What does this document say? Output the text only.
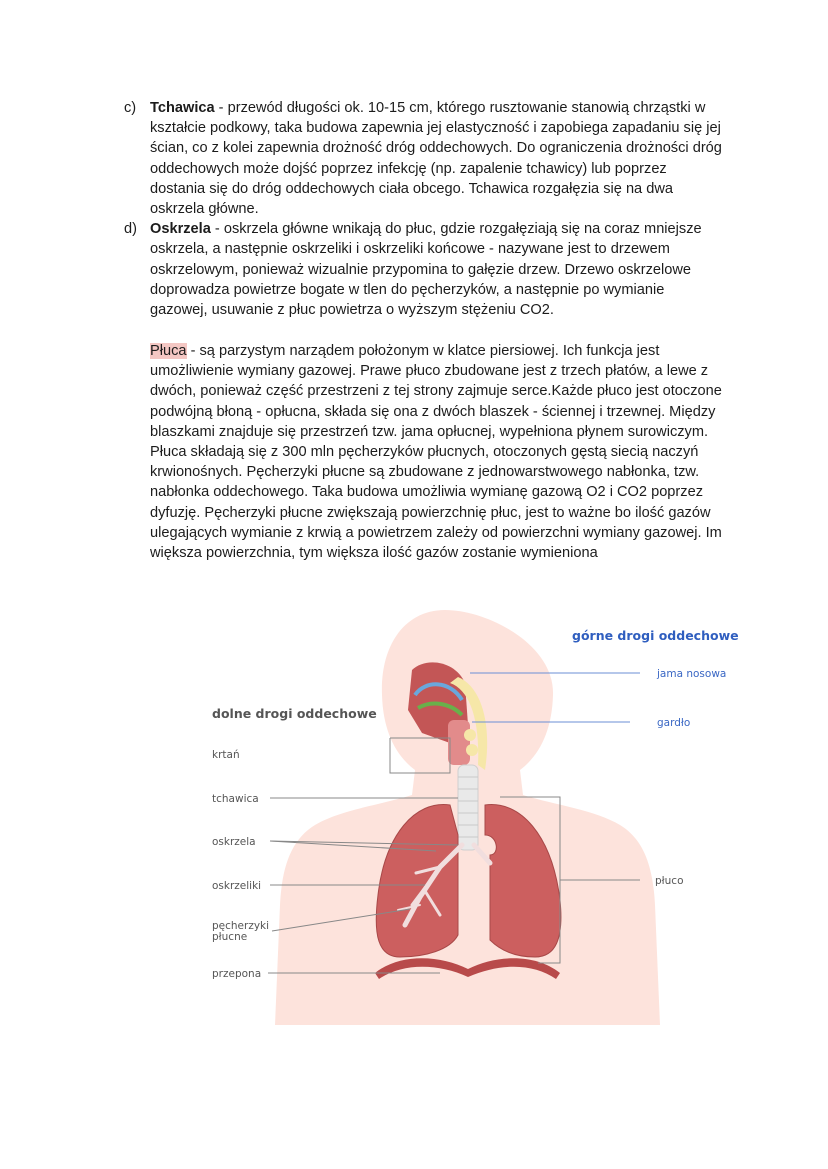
c) Tchawica - przewód długości ok. 10-15 cm, którego rusztowanie stanowią chrząstki w kształcie podkowy, taka budowa zapewnia jej elastyczność i zapobiega zapadaniu się jej ścian, co z kolei zapewnia drożność dróg oddechowych. Do ograniczenia drożności dróg oddechowych może dojść poprzez infekcję (np. zapalenie tchawicy) lub poprzez dostania się do dróg oddechowych ciała obcego. Tchawica rozgałęzia się na dwa oskrzela główne.

d) Oskrzela - oskrzela główne wnikają do płuc, gdzie rozgałęziają się na coraz mniejsze oskrzela, a następnie oskrzeliki i oskrzeliki końcowe - nazywane jest to drzewem oskrzelowym, ponieważ wizualnie przypomina to gałęzie drzew. Drzewo oskrzelowe doprowadza powietrze bogate w tlen do pęcherzyków, a następnie po wymianie gazowej, usuwanie z płuc powietrza o wyższym stężeniu CO2.

Płuca - są parzystym narządem położonym w klatce piersiowej. Ich funkcja jest umożliwienie wymiany gazowej. Prawe płuco zbudowane jest z trzech płatów, a lewe z dwóch, ponieważ część przestrzeni z tej strony zajmuje serce.Każde płuco jest otoczone podwójną błoną - opłucna, składa się ona z dwóch blaszek - ściennej i trzewnej. Między blaszkami znajduje się przestrzeń tzw. jama opłucnej, wypełniona płynem surowiczym. Płuca składają się z 300 mln pęcherzyków płucnych, otoczonych gęstą siecią naczyń krwionośnych. Pęcherzyki płucne są zbudowane z jednowarstwowego nabłonka, tzw. nabłonka oddechowego. Taka budowa umożliwia wymianę gazową O2 i CO2 poprzez dyfuzję. Pęcherzyki płucne zwiększają powierzchnię płuc, jest to ważne bo ilość gazów ulegających wymianie z krwią a powietrzem zależy od powierzchni wymiany gazowej. Im większa powierzchnia, tym większa ilość gazów zostanie wymieniona

górne drogi oddechowe
dolne drogi oddechowe
jama nosowa
gardło
krtań
tchawica
oskrzela
oskrzeliki
pęcherzyki
płucne
przepona
płuco
